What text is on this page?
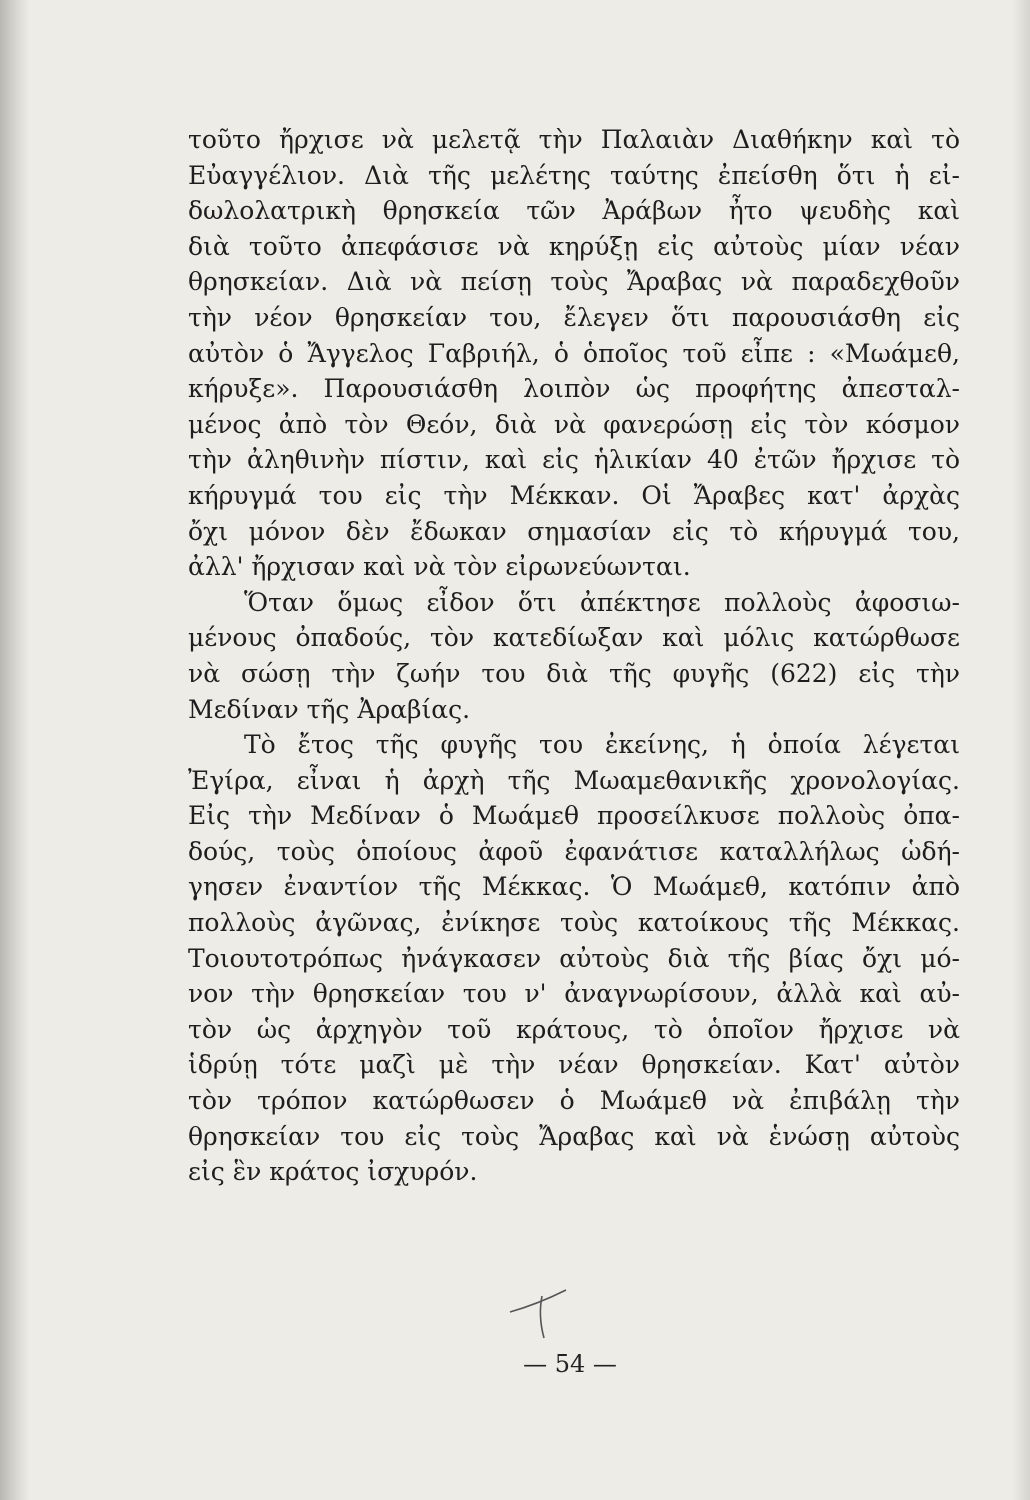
τοῦτο ἤρχισε νὰ μελετᾷ τὴν Παλαιὰν Διαθήκην καὶ τὸ
Εὐαγγέλιον. Διὰ τῆς μελέτης ταύτης ἐπείσθη ὅτι ἡ εἰ-
δωλολατρικὴ θρησκεία τῶν Ἀράβων ἦτο ψευδὴς καὶ
διὰ τοῦτο ἀπεφάσισε νὰ κηρύξῃ εἰς αὐτοὺς μίαν νέαν
θρησκείαν. Διὰ νὰ πείσῃ τοὺς Ἄραβας νὰ παραδεχθοῦν
τὴν νέον θρησκείαν του, ἔλεγεν ὅτι παρουσιάσθη εἰς
αὐτὸν ὁ Ἄγγελος Γαβριήλ, ὁ ὁποῖος τοῦ εἶπε : «Μωάμεθ,
κήρυξε». Παρουσιάσθη λοιπὸν ὡς προφήτης ἀπεσταλ-
μένος ἀπὸ τὸν Θεόν, διὰ νὰ φανερώσῃ εἰς τὸν κόσμον
τὴν ἀληθινὴν πίστιν, καὶ εἰς ἡλικίαν 40 ἐτῶν ἤρχισε τὸ
κήρυγμά του εἰς τὴν Μέκκαν. Οἱ Ἄραβες κατ' ἀρχὰς
ὄχι μόνον δὲν ἔδωκαν σημασίαν εἰς τὸ κήρυγμά του,
ἀλλ' ἤρχισαν καὶ νὰ τὸν εἰρωνεύωνται.
Ὅταν ὅμως εἶδον ὅτι ἀπέκτησε πολλοὺς ἀφοσιω-
μένους ὀπαδούς, τὸν κατεδίωξαν καὶ μόλις κατώρθωσε
νὰ σώσῃ τὴν ζωήν του διὰ τῆς φυγῆς (622) εἰς τὴν
Μεδίναν τῆς Ἀραβίας.
Τὸ ἔτος τῆς φυγῆς του ἐκείνης, ἡ ὁποία λέγεται
Ἐγίρα, εἶναι ἡ ἀρχὴ τῆς Μωαμεθανικῆς χρονολογίας.
Εἰς τὴν Μεδίναν ὁ Μωάμεθ προσείλκυσε πολλοὺς ὀπα-
δούς, τοὺς ὁποίους ἀφοῦ ἐφανάτισε καταλλήλως ὡδή-
γησεν ἐναντίον τῆς Μέκκας. Ὁ Μωάμεθ, κατόπιν ἀπὸ
πολλοὺς ἀγῶνας, ἐνίκησε τοὺς κατοίκους τῆς Μέκκας.
Τοιουτοτρόπως ἠνάγκασεν αὐτοὺς διὰ τῆς βίας ὄχι μό-
νον τὴν θρησκείαν του ν' ἀναγνωρίσουν, ἀλλὰ καὶ αὐ-
τὸν ὡς ἀρχηγὸν τοῦ κράτους, τὸ ὁποῖον ἤρχισε νὰ
ἱδρύῃ τότε μαζὶ μὲ τὴν νέαν θρησκείαν. Κατ' αὐτὸν
τὸν τρόπον κατώρθωσεν ὁ Μωάμεθ νὰ ἐπιβάλῃ τὴν
θρησκείαν του εἰς τοὺς Ἄραβας καὶ νὰ ἑνώσῃ αὐτοὺς
εἰς ἓν κράτος ἰσχυρόν.
— 54 —
